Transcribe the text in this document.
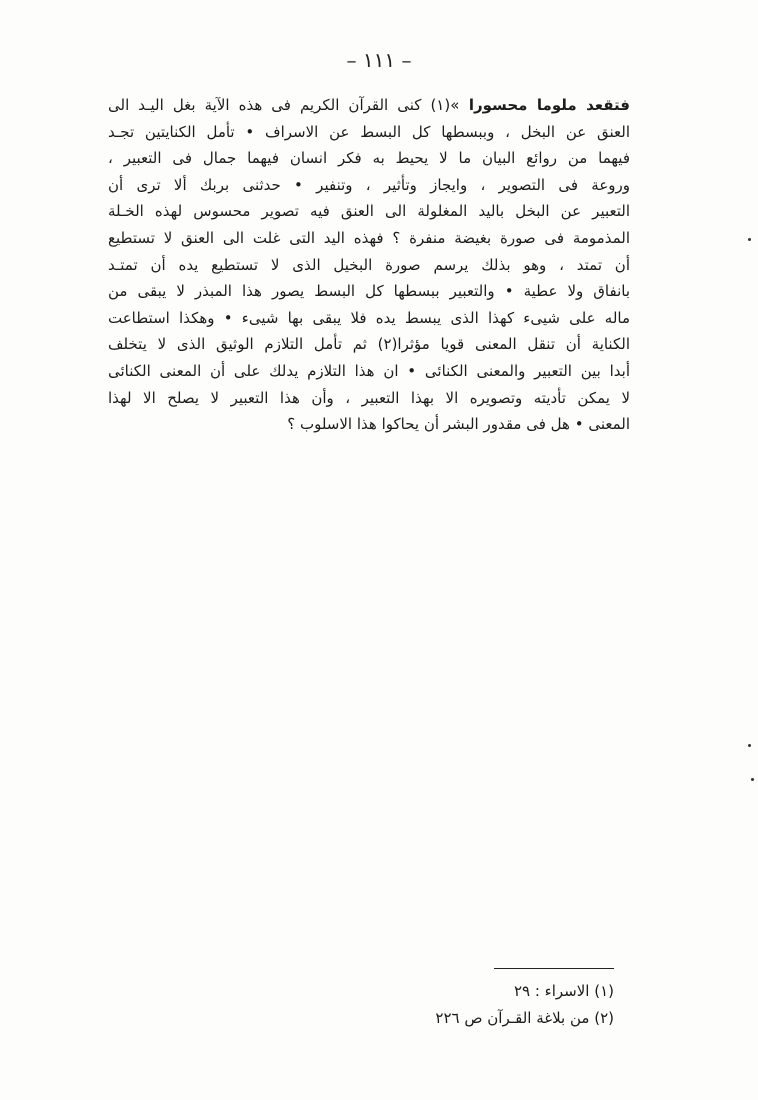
– ١١١ –
فتقعد ملوما محسورا »(١) كنى القرآن الكريم فى هذه الآية بغل اليـد الى
العنق عن البخل ، وببسطها كل البسط عن الاسراف • تأمل الكنايتين تجـد
فيهما من روائع البيان ما لا يحيط به فكر انسان فيهما جمال فى التعبير ،
وروعة فى التصوير ، وايجاز وتأثير ، وتنفير • حدثنى بربك ألا ترى أن
التعبير عن البخل باليد المغلولة الى العنق فيه تصوير محسوس لهذه الخـلة
المذمومة فى صورة بغيضة منفرة ؟ فهذه اليد التى غلت الى العنق لا تستطيع
أن تمتد ، وهو بذلك يرسم صورة البخيل الذى لا تستطيع يده أن تمتـد
بانفاق ولا عطية • والتعبير ببسطها كل البسط يصور هذا المبذر لا يبقى من
ماله على شيىء كهذا الذى يبسط يده فلا يبقى بها شيىء • وهكذا استطاعت
الكناية أن تنقل المعنى قويا مؤثرا(٢) ثم تأمل التلازم الوثيق الذى لا يتخلف
أبدا بين التعبير والمعنى الكنائى • ان هذا التلازم يدلك على أن المعنى الكنائى
لا يمكن تأديته وتصويره الا بهذا التعبير ، وأن هذا التعبير لا يصلح الا لهذا
المعنى • هل فى مقدور البشر أن يحاكوا هذا الاسلوب ؟
(١) الاسراء : ٢٩
(٢) من بلاغة القـرآن ص ٢٢٦
